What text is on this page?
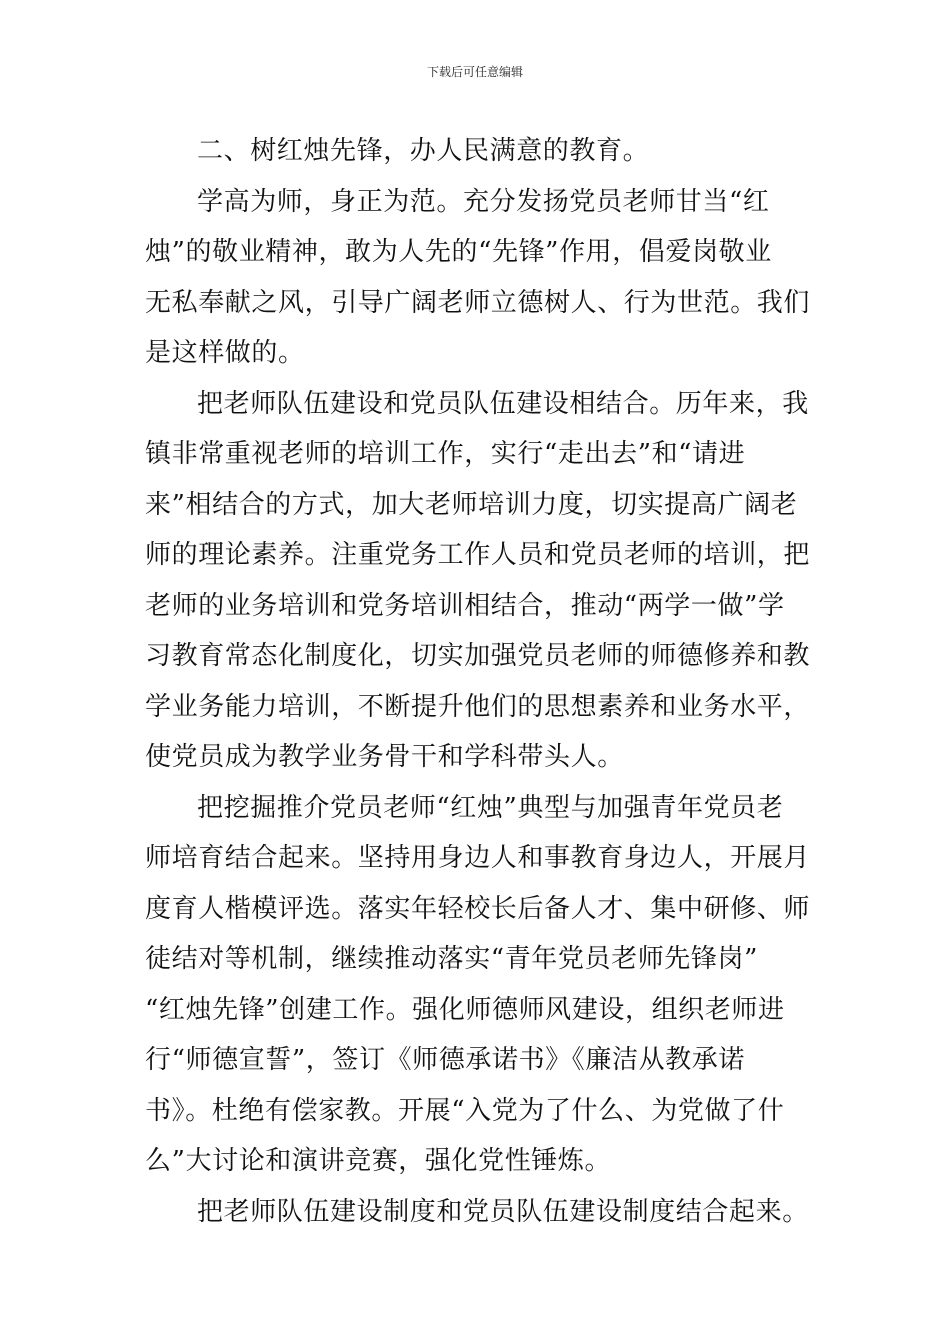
下载后可任意编辑
二、树红烛先锋，办人民满意的教育。
学高为师，身正为范。充分发扬党员老师甘当“红
烛”的敬业精神，敢为人先的“先锋”作用，倡爱岗敬业
无私奉献之风，引导广阔老师立德树人、行为世范。我们
是这样做的。
把老师队伍建设和党员队伍建设相结合。历年来，我
镇非常重视老师的培训工作，实行“走出去”和“请进
来”相结合的方式，加大老师培训力度，切实提高广阔老
师的理论素养。注重党务工作人员和党员老师的培训，把
老师的业务培训和党务培训相结合，推动“两学一做”学
习教育常态化制度化，切实加强党员老师的师德修养和教
学业务能力培训，不断提升他们的思想素养和业务水平，
使党员成为教学业务骨干和学科带头人。
把挖掘推介党员老师“红烛”典型与加强青年党员老
师培育结合起来。坚持用身边人和事教育身边人，开展月
度育人楷模评选。落实年轻校长后备人才、集中研修、师
徒结对等机制，继续推动落实“青年党员老师先锋岗”
“红烛先锋”创建工作。强化师德师风建设，组织老师进
行“师德宣誓”，签订《师德承诺书》《廉洁从教承诺
书》。杜绝有偿家教。开展“入党为了什么、为党做了什
么”大讨论和演讲竞赛，强化党性锤炼。
把老师队伍建设制度和党员队伍建设制度结合起来。
